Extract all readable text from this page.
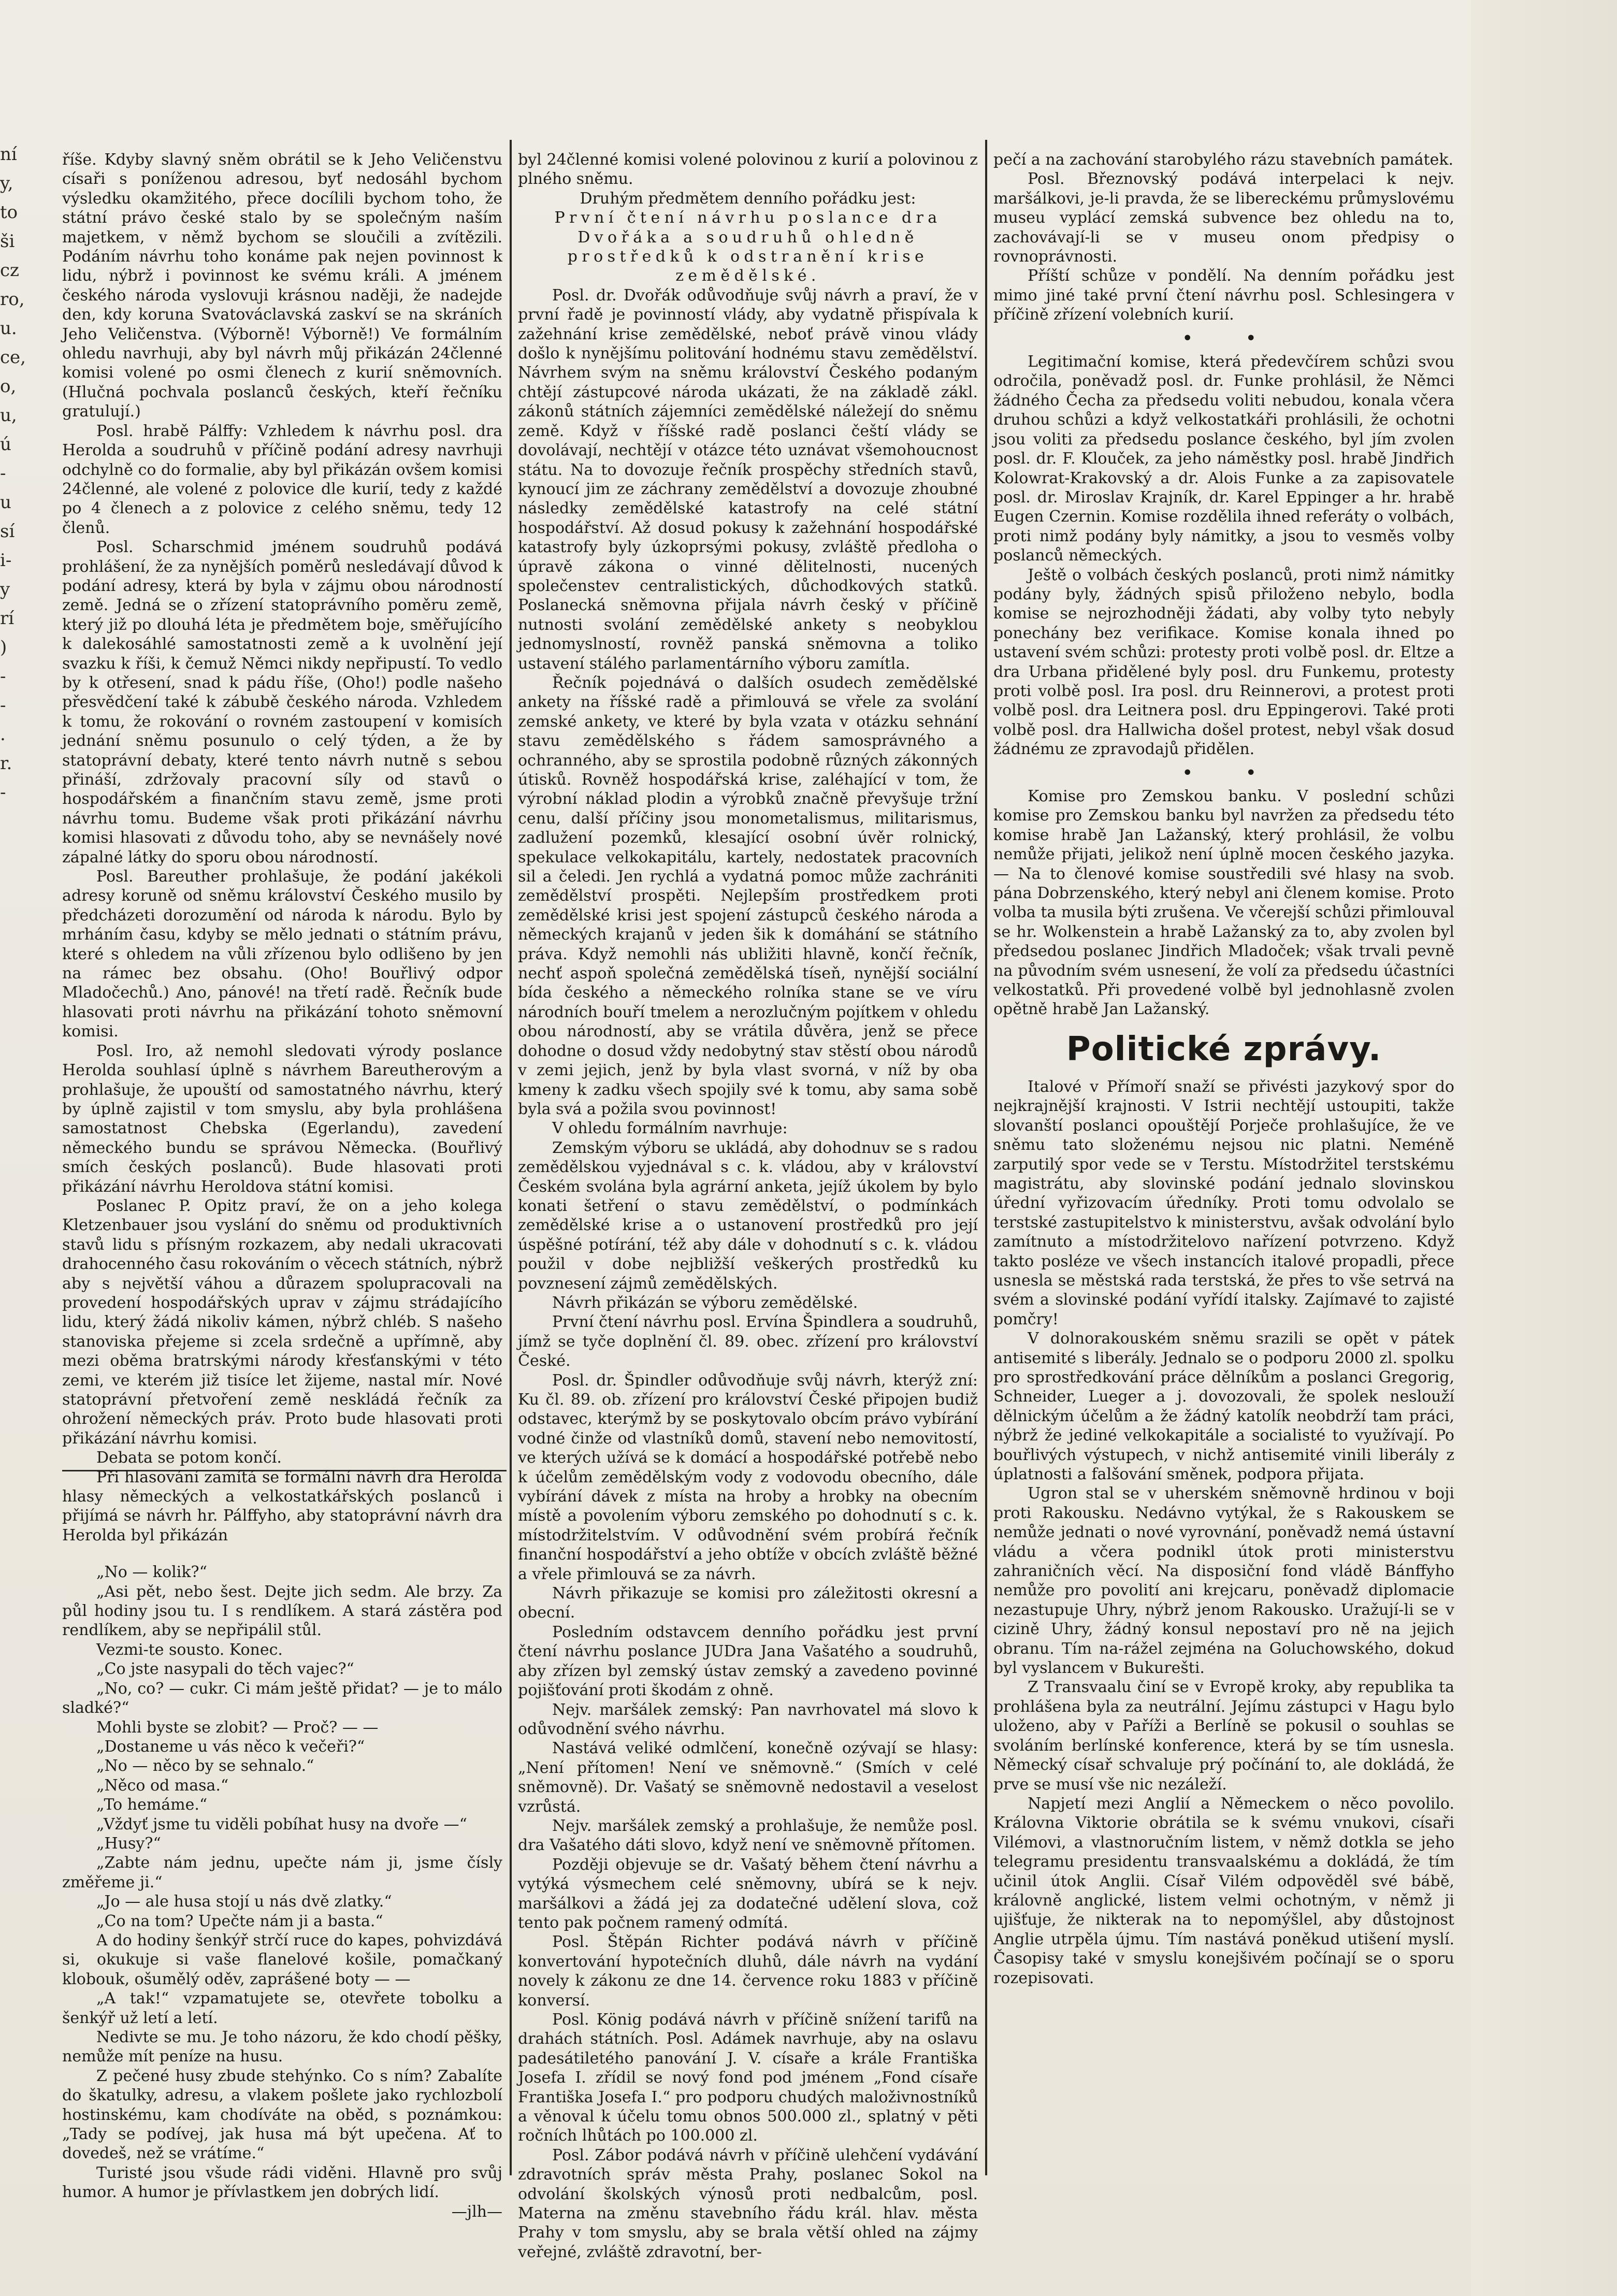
ní
y,
to
ši
cz
ro,
u.
ce,
o,
u,
ú
-
u
sí
i-
y
rí
)
-
-
.
r.
-

říše. Kdyby slavný sněm obrátil se k Jeho Veličenstvu císaři s poníženou adresou, byť nedosáhl bychom výsledku okamžitého, přece docílili bychom toho, že státní právo české stalo by se společným naším majetkem, v němž bychom se sloučili a zvítězili. Podáním návrhu toho konáme pak nejen povinnost k lidu, nýbrž i povinnost ke svému králi. A jménem českého národa vyslovuji krásnou naději, že nadejde den, kdy koruna Svatováclavská zaskví se na skráních Jeho Veličenstva. (Výborně! Výborně!) Ve formálním ohledu navrhuji, aby byl návrh můj přikázán 24členné komisi volené po osmi členech z kurií sněmovních. (Hlučná pochvala poslanců českých, kteří řečníku gratulují.)

Posl. hrabě Pálffy: Vzhledem k návrhu posl. dra Herolda a soudruhů v příčině podání adresy navrhuji odchylně co do formalie, aby byl přikázán ovšem komisi 24členné, ale volené z polovice dle kurií, tedy z každé po 4 členech a z polovice z celého sněmu, tedy 12 členů.

Posl. Scharschmid jménem soudruhů podává prohlášení, že za nynějších poměrů nesledávají důvod k podání adresy, která by byla v zájmu obou národností země. Jedná se o zřízení statoprávního poměru země, který již po dlouhá léta je předmětem boje, směřujícího k dalekosáhlé samostatnosti země a k uvolnění její svazku k říši, k čemuž Němci nikdy nepřipustí. To vedlo by k otřesení, snad k pádu říše, (Oho!) podle našeho přesvědčení také k zábubě českého národa. Vzhledem k tomu, že rokování o rovném zastoupení v komisích jednání sněmu posunulo o celý týden, a že by statoprávní debaty, které tento návrh nutně s sebou přináší, zdržovaly pracovní síly od stavů o hospodářském a finančním stavu země, jsme proti návrhu tomu. Budeme však proti přikázání návrhu komisi hlasovati z důvodu toho, aby se nevnášely nové zápalné látky do sporu obou národností.

Posl. Bareuther prohlašuje, že podání jakékoli adresy koruně od sněmu království Českého musilo by předcházeti dorozumění od národa k národu. Bylo by mrháním času, kdyby se mělo jednati o státním právu, které s ohledem na vůli zřízenou bylo odlišeno by jen na rámec bez obsahu. (Oho! Bouřlivý odpor Mladočechů.) Ano, pánové! na třetí radě. Řečník bude hlasovati proti návrhu na přikázání tohoto sněmovní komisi.

Posl. Iro, až nemohl sledovati výrody poslance Herolda souhlasí úplně s návrhem Bareutherovým a prohlašuje, že upouští od samostatného návrhu, který by úplně zajistil v tom smyslu, aby byla prohlášena samostatnost Chebska (Egerlandu), zavedení německého bundu se správou Německa. (Bouřlivý smích českých poslanců). Bude hlasovati proti přikázání návrhu Heroldova státní komisi.

Poslanec P. Opitz praví, že on a jeho kolega Kletzenbauer jsou vyslání do sněmu od produktivních stavů lidu s přísným rozkazem, aby nedali ukracovati drahocenného času rokováním o věcech státních, nýbrž aby s největší váhou a důrazem spolupracovali na provedení hospodářských uprav v zájmu strádajícího lidu, který žádá nikoliv kámen, nýbrž chléb. S našeho stanoviska přejeme si zcela srdečně a upřímně, aby mezi oběma bratrskými národy křesťanskými v této zemi, ve kterém již tisíce let žijeme, nastal mír. Nové statoprávní přetvoření země neskládá řečník za ohrožení německých práv. Proto bude hlasovati proti přikázání návrhu komisi.

Debata se potom končí.

Při hlasování zamítá se formální návrh dra Herolda hlasy německých a velkostatkářských poslanců i přijímá se návrh hr. Pálffyho, aby statoprávní návrh dra Herolda byl přikázán

„No — kolik?“

„Asi pět, nebo šest. Dejte jich sedm. Ale brzy. Za půl hodiny jsou tu. I s rendlíkem. A stará zástěra pod rendlíkem, aby se nepřipálil stůl.

Vezmi-te sousto. Konec.

„Co jste nasypali do těch vajec?“

„No, co? — cukr. Ci mám ještě přidat? — je to málo sladké?“

Mohli byste se zlobit? — Proč? — —

„Dostaneme u vás něco k večeři?“

„No — něco by se sehnalo.“

„Něco od masa.“

„To hemáme.“

„Vždyť jsme tu viděli pobíhat husy na dvoře —“

„Husy?“

„Zabte nám jednu, upečte nám ji, jsme čísly změřeme ji.“

„Jo — ale husa stojí u nás dvě zlatky.“

„Co na tom? Upečte nám ji a basta.“

A do hodiny šenkýř strčí ruce do kapes, pohvizdává si, okukuje si vaše flanelové košile, pomačkaný klobouk, ošumělý oděv, zaprášené boty — —

„A tak!“ vzpamatujete se, otevřete tobolku a šenkýř už letí a letí.

Nedivte se mu. Je toho názoru, že kdo chodí pěšky, nemůže mít peníze na husu.

Z pečené husy zbude stehýnko. Co s ním? Zabalíte do škatulky, adresu, a vlakem pošlete jako rychlozbolí hostinskému, kam chodíváte na oběd, s poznámkou: „Tady se podívej, jak husa má být upečena. Ať to dovedeš, než se vrátíme.“

Turisté jsou všude rádi viděni. Hlavně pro svůj humor. A humor je přívlastkem jen dobrých lidí.

—jlh—

byl 24členné komisi volené polovinou z kurií a polovinou z plného sněmu.

Druhým předmětem denního pořádku jest:

První čtení návrhu poslance dra Dvořáka a soudruhů ohledně prostředků k odstranění krise zemědělské.

Posl. dr. Dvořák odůvodňuje svůj návrh a praví, že v první řadě je povinností vlády, aby vydatně přispívala k zažehnání krise zemědělské, neboť právě vinou vlády došlo k nynějšímu politování hodnému stavu zemědělství. Návrhem svým na sněmu království Českého podaným chtějí zástupcové národa ukázati, že na základě zákl. zákonů státních zájemníci zemědělské náležejí do sněmu země. Když v říšské radě poslanci čeští vlády se dovolávají, nechtějí v otázce této uznávat všemohoucnost státu. Na to dovozuje řečník prospěchy středních stavů, kynoucí jim ze záchrany zemědělství a dovozuje zhoubné následky zemědělské katastrofy na celé státní hospodářství. Až dosud pokusy k zažehnání hospodářské katastrofy byly úzkoprsými pokusy, zvláště předloha o úpravě zákona o vinné dělitelnosti, nucených společenstev centralistických, důchodkových statků. Poslanecká sněmovna přijala návrh český v příčině nutnosti svolání zemědělské ankety s neobyklou jednomyslností, rovněž panská sněmovna a toliko ustavení stálého parlamentárního výboru zamítla.

Řečník pojednává o dalších osudech zemědělské ankety na říšské radě a přimlouvá se vřele za svolání zemské ankety, ve které by byla vzata v otázku sehnání stavu zemědělského s řádem samosprávného a ochranného, aby se sprostila podobně různých zákonných útisků. Rovněž hospodářská krise, zaléhající v tom, že výrobní náklad plodin a výrobků značně převyšuje tržní cenu, další příčiny jsou monometalismus, militarismus, zadlužení pozemků, klesající osobní úvěr rolnický, spekulace velkokapitálu, kartely, nedostatek pracovních sil a čeledi. Jen rychlá a vydatná pomoc může zachrániti zemědělství prospěti. Nejlepším prostředkem proti zemědělské krisi jest spojení zástupců českého národa a německých krajanů v jeden šik k domáhání se státního práva. Když nemohli nás ubližiti hlavně, končí řečník, nechť aspoň společná zemědělská tíseň, nynější sociální bída českého a německého rolníka stane se ve víru národních bouří tmelem a nerozlučným pojítkem v ohledu obou národností, aby se vrátila důvěra, jenž se přece dohodne o dosud vždy nedobytný stav stěstí obou národů v zemi jejich, jenž by byla vlast svorná, v níž by oba kmeny k zadku všech spojily své k tomu, aby sama sobě byla svá a požila svou povinnost!

V ohledu formálním navrhuje:

Zemským výboru se ukládá, aby dohodnuv se s radou zemědělskou vyjednával s c. k. vládou, aby v království Českém svolána byla agrární anketa, jejíž úkolem by bylo konati šetření o stavu zemědělství, o podmínkách zemědělské krise a o ustanovení prostředků pro její úspěšné potírání, též aby dále v dohodnutí s c. k. vládou použil v dobe nejbližší veškerých prostředků ku povznesení zájmů zemědělských.

Návrh přikázán se výboru zemědělské.

První čtení návrhu posl. Ervína Špindlera a soudruhů, jímž se tyče doplnění čl. 89. obec. zřízení pro království České.

Posl. dr. Špindler odůvodňuje svůj návrh, kterýž zní: Ku čl. 89. ob. zřízení pro království České připojen budiž odstavec, kterýmž by se poskytovalo obcím právo vybírání vodné činže od vlastníků domů, stavení nebo nemovitostí, ve kterých užívá se k domácí a hospodářské potřebě nebo k účelům zemědělským vody z vodovodu obecního, dále vybírání dávek z místa na hroby a hrobky na obecním místě a povolením výboru zemského po dohodnutí s c. k. místodržitelstvím. V odůvodnění svém probírá řečník finanční hospodářství a jeho obtíže v obcích zvláště běžné a vřele přimlouvá se za návrh.

Návrh přikazuje se komisi pro záležitosti okresní a obecní.

Posledním odstavcem denního pořádku jest první čtení návrhu poslance JUDra Jana Vašatého a soudruhů, aby zřízen byl zemský ústav zemský a zavedeno povinné pojišťování proti škodám z ohně.

Nejv. maršálek zemský: Pan navrhovatel má slovo k odůvodnění svého návrhu.

Nastává veliké odmlčení, konečně ozývají se hlasy: „Není přítomen! Není ve sněmovně.“ (Smích v celé sněmovně). Dr. Vašatý se sněmovně nedostavil a veselost vzrůstá.

Nejv. maršálek zemský a prohlašuje, že nemůže posl. dra Vašatého dáti slovo, když není ve sněmovně přítomen.

Později objevuje se dr. Vašatý během čtení návrhu a vytýká výsmechem celé sněmovny, ubírá se k nejv. maršálkovi a žádá jej za dodatečné udělení slova, což tento pak počnem ramený odmítá.

Posl. Štěpán Richter podává návrh v příčině konvertování hypotečních dluhů, dále návrh na vydání novely k zákonu ze dne 14. července roku 1883 v příčině konversí.

Posl. König podává návrh v příčině snížení tarifů na drahách státních. Posl. Adámek navrhuje, aby na oslavu padesátiletého panování J. V. císaře a krále Františka Josefa I. zřídil se nový fond pod jménem „Fond císaře Františka Josefa I.“ pro podporu chudých maloživnostníků a věnoval k účelu tomu obnos 500.000 zl., splatný v pěti ročních lhůtách po 100.000 zl.

Posl. Zábor podává návrh v příčině ulehčení vydávání zdravotních správ města Prahy, poslanec Sokol na odvolání školských výnosů proti nedbalcům, posl. Materna na změnu stavebního řádu král. hlav. města Prahy v tom smyslu, aby se brala větší ohled na zájmy veřejné, zvláště zdravotní, ber-

pečí a na zachování starobylého rázu stavebních památek.

Posl. Březnovský podává interpelaci k nejv. maršálkovi, je-li pravda, že se libereckému průmyslovému museu vyplácí zemská subvence bez ohledu na to, zachovávají-li se v museu onom předpisy o rovnoprávnosti.

Příští schůze v pondělí. Na denním pořádku jest mimo jiné také první čtení návrhu posl. Schlesingera v příčině zřízení volebních kurií.

•   •

Legitimační komise, která předevčírem schůzi svou odročila, poněvadž posl. dr. Funke prohlásil, že Němci žádného Čecha za předsedu voliti nebudou, konala včera druhou schůzi a když velkostatkáři prohlásili, že ochotni jsou voliti za předsedu poslance českého, byl jím zvolen posl. dr. F. Klouček, za jeho náměstky posl. hrabě Jindřich Kolowrat-Krakovský a dr. Alois Funke a za zapisovatele posl. dr. Miroslav Krajník, dr. Karel Eppinger a hr. hrabě Eugen Czernin. Komise rozdělila ihned referáty o volbách, proti nimž podány byly námitky, a jsou to vesměs volby poslanců německých.

Ještě o volbách českých poslanců, proti nimž námitky podány byly, žádných spisů přiloženo nebylo, bodla komise se nejrozhodněji žádati, aby volby tyto nebyly ponechány bez verifikace. Komise konala ihned po ustavení svém schůzi: protesty proti volbě posl. dr. Eltze a dra Urbana přidělené byly posl. dru Funkemu, protesty proti volbě posl. Ira posl. dru Reinnerovi, a protest proti volbě posl. dra Leitnera posl. dru Eppingerovi. Také proti volbě posl. dra Hallwicha došel protest, nebyl však dosud žádnému ze zpravodajů přidělen.

•   •

Komise pro Zemskou banku. V poslední schůzi komise pro Zemskou banku byl navržen za předsedu této komise hrabě Jan Lažanský, který prohlásil, že volbu nemůže přijati, jelikož není úplně mocen českého jazyka. — Na to členové komise soustředili své hlasy na svob. pána Dobrzenského, který nebyl ani členem komise. Proto volba ta musila býti zrušena. Ve včerejší schůzi přimlouval se hr. Wolkenstein a hrabě Lažanský za to, aby zvolen byl předsedou poslanec Jindřich Mladoček; však trvali pevně na původním svém usnesení, že volí za předsedu účastníci velkostatků. Při provedené volbě byl jednohlasně zvolen opětně hrabě Jan Lažanský.

Politické zprávy.

Italové v Přímoří snaží se přivésti jazykový spor do nejkrajnější krajnosti. V Istrii nechtějí ustoupiti, takže slovanští poslanci opouštějí Porječe prohlašujíce, že ve sněmu tato složenému nejsou nic platni. Neméně zarputilý spor vede se v Terstu. Místodržitel terstskému magistrátu, aby slovinské podání jednalo slovinskou úřední vyřizovacím úředníky. Proti tomu odvolalo se terstské zastupitelstvo k ministerstvu, avšak odvolání bylo zamítnuto a místodržitelovo nařízení potvrzeno. Když takto posléze ve všech instancích italové propadli, přece usnesla se městská rada terstská, že přes to vše setrvá na svém a slovinské podání vyřídí italsky. Zajímavé to zajisté pomčry!

V dolnorakouském sněmu srazili se opět v pátek antisemité s liberály. Jednalo se o podporu 2000 zl. spolku pro sprostředkování práce dělníkům a poslanci Gregorig, Schneider, Lueger a j. dovozovali, že spolek neslouží dělnickým účelům a že žádný katolík neobdrží tam práci, nýbrž že jediné velkokapitále a socialisté to využívají. Po bouřlivých výstupech, v nichž antisemité vinili liberály z úplatnosti a falšování směnek, podpora přijata.

Ugron stal se v uherském sněmovně hrdinou v boji proti Rakousku. Nedávno vytýkal, že s Rakouskem se nemůže jednati o nové vyrovnání, poněvadž nemá ústavní vládu a včera podnikl útok proti ministerstvu zahraničních věcí. Na disposiční fond vládě Bánffyho nemůže pro povolití ani krejcaru, poněvadž diplomacie nezastupuje Uhry, nýbrž jenom Rakousko. Uražují-li se v cizině Uhry, žádný konsul nepostaví pro ně na jejich obranu. Tím na-rážel zejména na Goluchowského, dokud byl vyslancem v Bukurešti.

Z Transvaalu činí se v Evropě kroky, aby republika ta prohlášena byla za neutrální. Jejímu zástupci v Hagu bylo uloženo, aby v Paříži a Berlíně se pokusil o souhlas se svoláním berlínské konference, která by se tím usnesla. Německý císař schvaluje prý počínání to, ale dokládá, že prve se musí vše nic nezáleží.

Napjetí mezi Anglií a Německem o něco povolilo. Královna Viktorie obrátila se k svému vnukovi, císaři Vilémovi, a vlastnoručním listem, v němž dotkla se jeho telegramu presidentu transvaalskému a dokládá, že tím učinil útok Anglii. Císař Vilém odpověděl své bábě, královně anglické, listem velmi ochotným, v němž ji ujišťuje, že nikterak na to nepomýšlel, aby důstojnost Anglie utrpěla újmu. Tím nastává poněkud utišení myslí. Časopisy také v smyslu konejšivém počínají se o sporu rozepisovati.
